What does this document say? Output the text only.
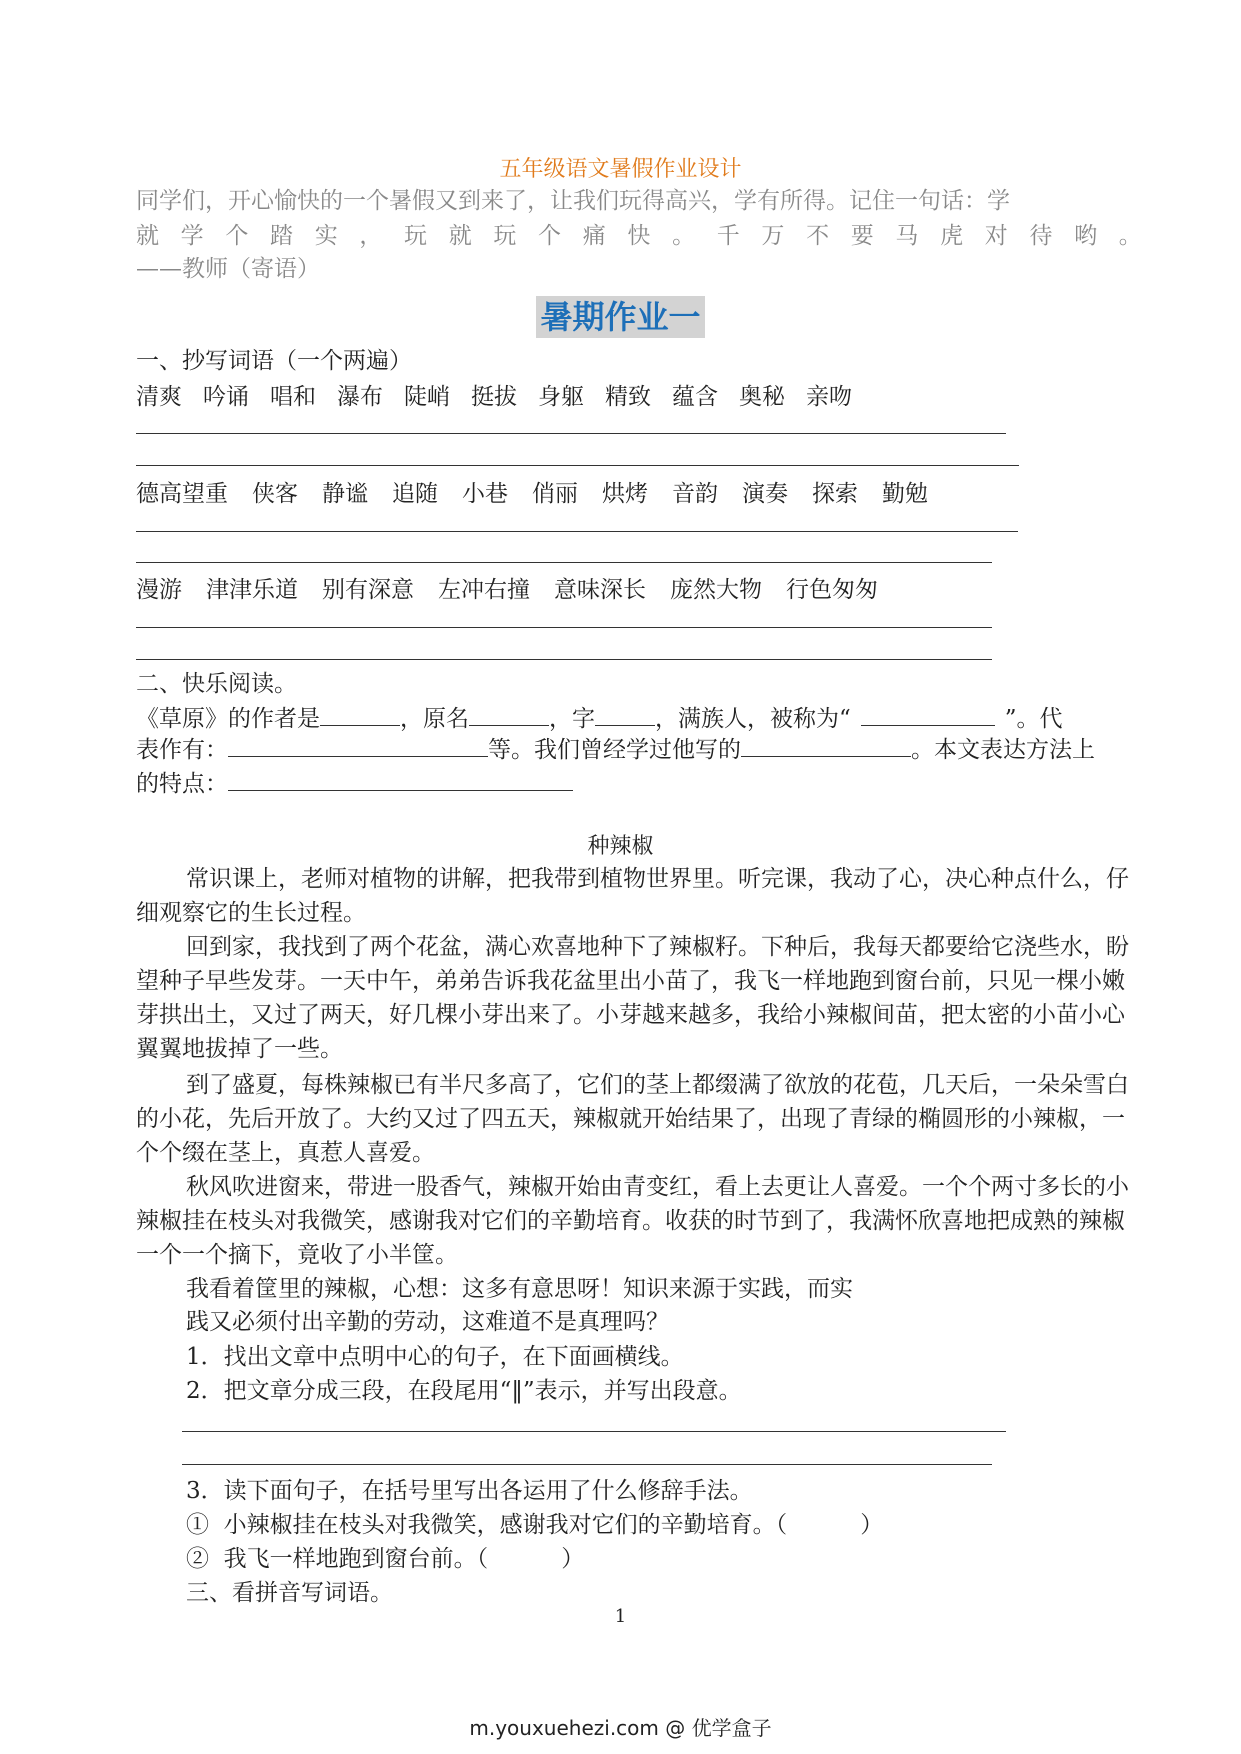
五年级语文暑假作业设计
同学们，开心愉快的一个暑假又到来了，让我们玩得高兴，学有所得。记住一句话：学
就 学 个 踏 实 ， 玩 就 玩 个 痛 快 。 千 万 不 要 马 虎 对 待 哟 。
——教师（寄语）
暑期作业一
一、抄写词语（一个两遍）
清爽 吟诵 唱和 瀑布 陡峭 挺拔 身躯 精致 蕴含 奥秘 亲吻
德高望重 侠客 静谧 追随 小巷 俏丽 烘烤 音韵 演奏 探索 勤勉
漫游 津津乐道 别有深意 左冲右撞 意味深长 庞然大物 行色匆匆
二、快乐阅读。
《草原》的作者是	，原名	，字	，满族人，被称为“	”。代
表作有：	等。我们曾经学过他写的	。本文表达方法上
的特点：
种辣椒
常识课上，老师对植物的讲解，把我带到植物世界里。听完课，我动了心，决心种点什么，仔细观察它的生长过程。
回到家，我找到了两个花盆，满心欢喜地种下了辣椒籽。下种后，我每天都要给它浇些水，盼望种子早些发芽。一天中午，弟弟告诉我花盆里出小苗了，我飞一样地跑到窗台前，只见一棵小嫩芽拱出土，又过了两天，好几棵小芽出来了。小芽越来越多，我给小辣椒间苗，把太密的小苗小心翼翼地拔掉了一些。
到了盛夏，每株辣椒已有半尺多高了，它们的茎上都缀满了欲放的花苞，几天后，一朵朵雪白的小花，先后开放了。大约又过了四五天，辣椒就开始结果了，出现了青绿的椭圆形的小辣椒，一个个缀在茎上，真惹人喜爱。
秋风吹进窗来，带进一股香气，辣椒开始由青变红，看上去更让人喜爱。一个个两寸多长的小辣椒挂在枝头对我微笑，感谢我对它们的辛勤培育。收获的时节到了，我满怀欣喜地把成熟的辣椒一个一个摘下，竟收了小半筐。
我看着筐里的辣椒，心想：这多有意思呀！知识来源于实践，而实
践又必须付出辛勤的劳动，这难道不是真理吗？
1．找出文章中点明中心的句子，在下面画横线。
2．把文章分成三段，在段尾用“‖”表示，并写出段意。
3．读下面句子，在括号里写出各运用了什么修辞手法。
①  小辣椒挂在枝头对我微笑，感谢我对它们的辛勤培育。（          ）
②  我飞一样地跑到窗台前。（          ）
三、看拼音写词语。
1
m.youxuehezi.com @ 优学盒子
